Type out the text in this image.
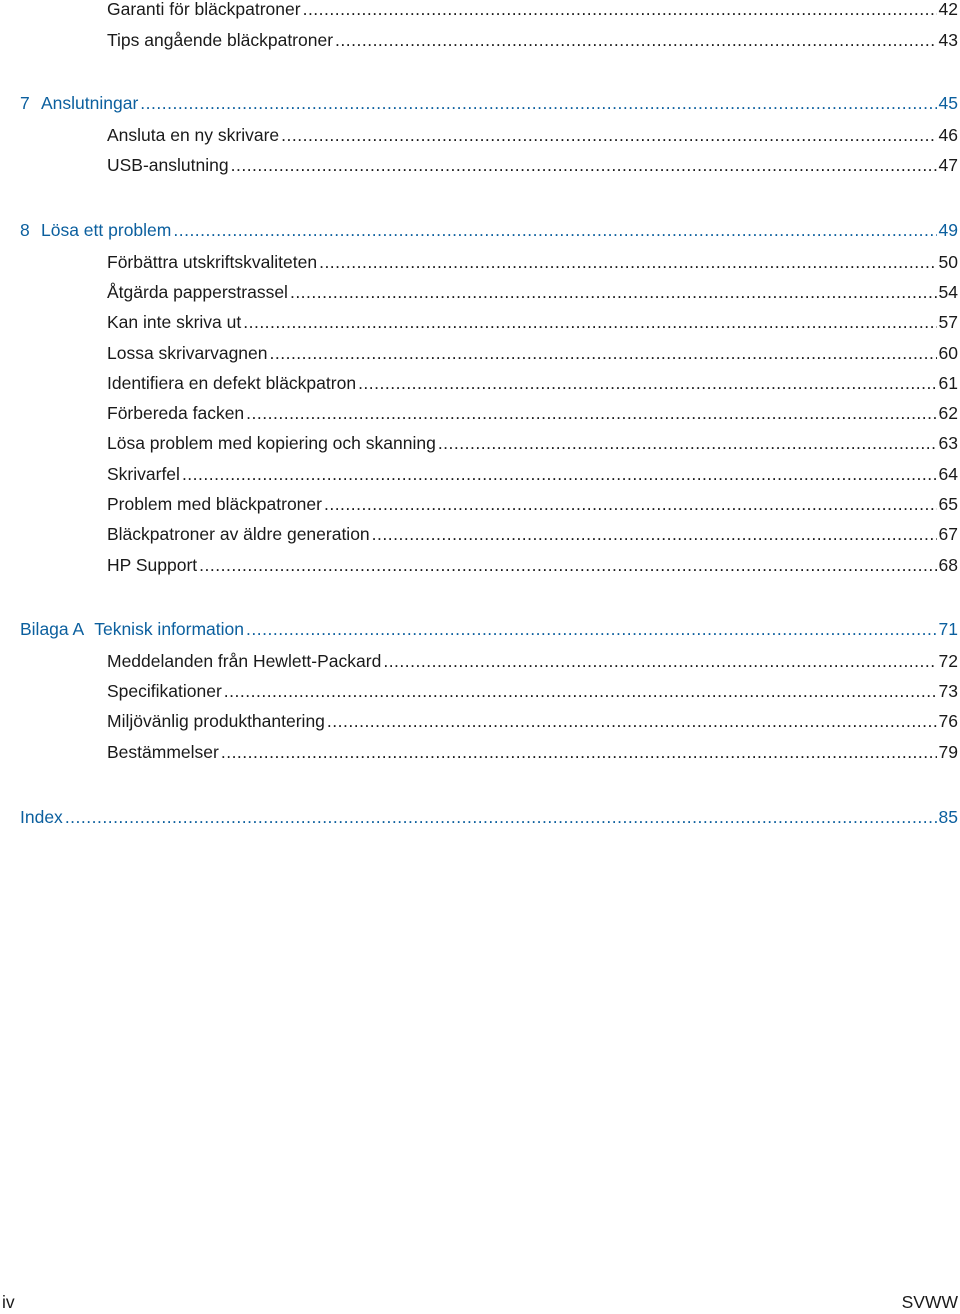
Garanti för bläckpatroner .....	42
Tips angående bläckpatroner .....	43
7 Anslutningar .....	45
Ansluta en ny skrivare .....	46
USB-anslutning .....	47
8 Lösa ett problem .....	49
Förbättra utskriftskvaliteten .....	50
Åtgärda papperstrassel .....	54
Kan inte skriva ut .....	57
Lossa skrivarvagnen .....	60
Identifiera en defekt bläckpatron .....	61
Förbereda facken .....	62
Lösa problem med kopiering och skanning .....	63
Skrivarfel .....	64
Problem med bläckpatroner .....	65
Bläckpatroner av äldre generation .....	67
HP Support .....	68
Bilaga A Teknisk information .....	71
Meddelanden från Hewlett-Packard .....	72
Specifikationer .....	73
Miljövänlig produkthantering .....	76
Bestämmelser .....	79
Index .....	85
iv	SVWW
